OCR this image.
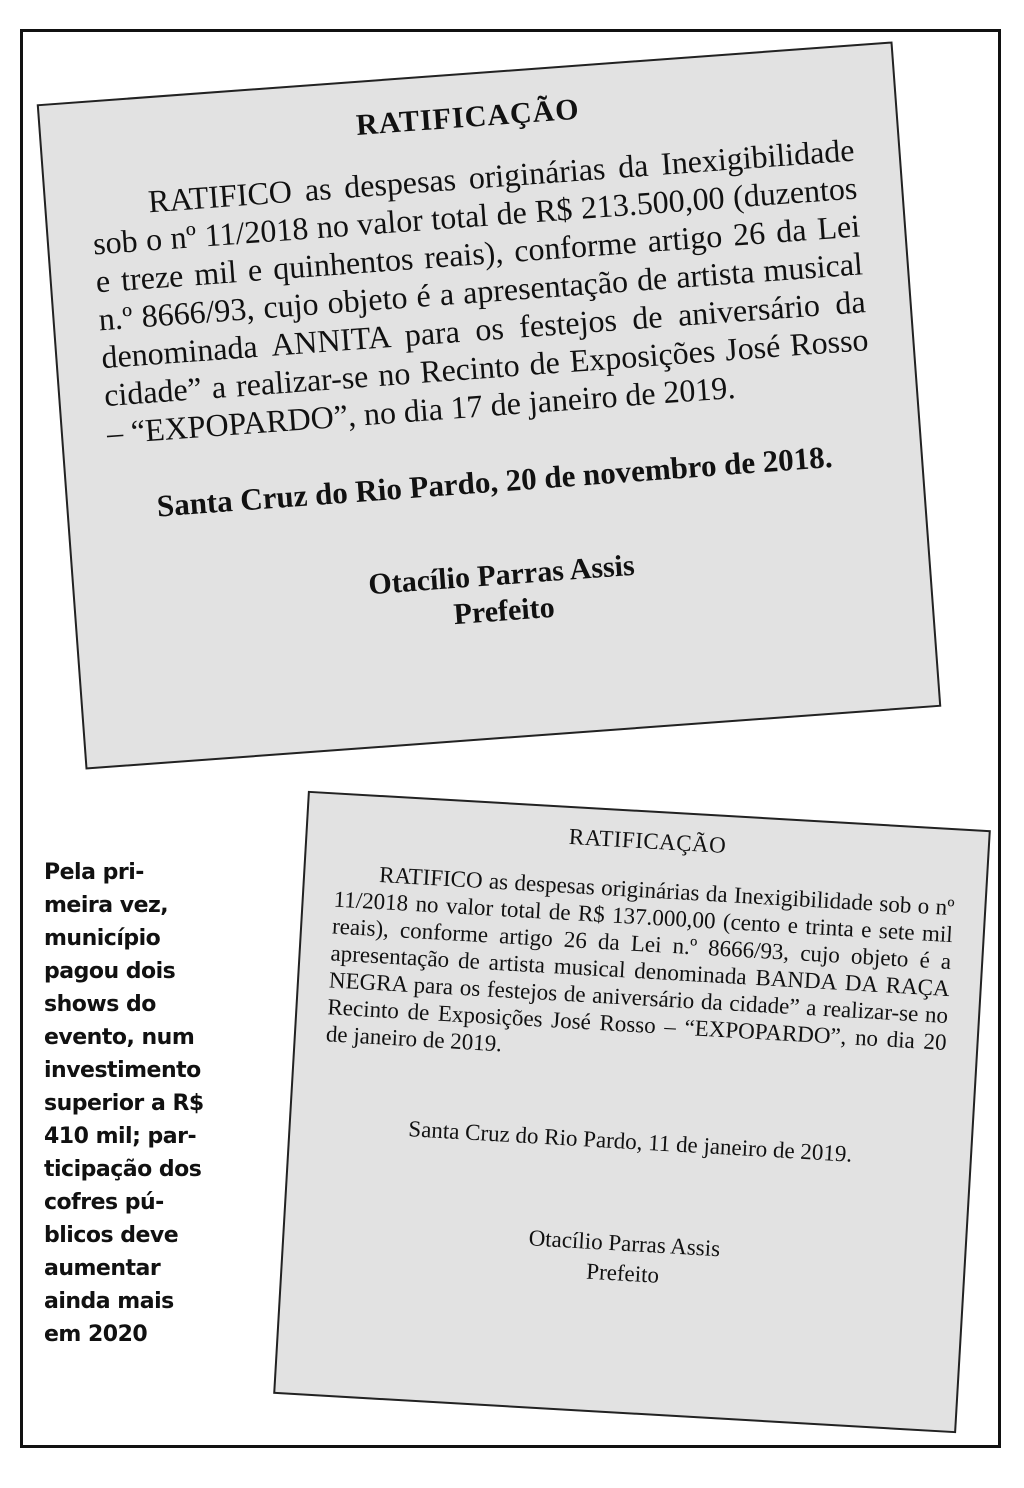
RATIFICAÇÃO

RATIFICO as despesas originárias da Inexigibilidade sob o nº 11/2018 no valor total de R$ 213.500,00 (duzentos e treze mil e quinhentos reais), conforme artigo 26 da Lei n.º 8666/93, cujo objeto é a apresentação de artista musical denominada ANNITA para os festejos de aniversário da cidade” a realizar-se no Recinto de Exposições José Rosso – “EXPOPARDO”, no dia 17 de janeiro de 2019.

Santa Cruz do Rio Pardo, 20 de novembro de 2018.
Otacílio Parras Assis
Prefeito
RATIFICAÇÃO

RATIFICO as despesas originárias da Inexigibilidade sob o nº 11/2018 no valor total de R$ 137.000,00 (cento e trinta e sete mil reais), conforme artigo 26 da Lei n.º 8666/93, cujo objeto é a apresentação de artista musical denominada BANDA DA RAÇA NEGRA para os festejos de aniversário da cidade” a realizar-se no Recinto de Exposições José Rosso – “EXPOPARDO”, no dia 20 de janeiro de 2019.

Santa Cruz do Rio Pardo, 11 de janeiro de 2019.
Otacílio Parras Assis
Prefeito
Pela pri-
meira vez,
município
pagou dois
shows do
evento, num
investimento
superior a R$
410 mil; par-
ticipação dos
cofres pú-
blicos deve
aumentar
ainda mais
em 2020
